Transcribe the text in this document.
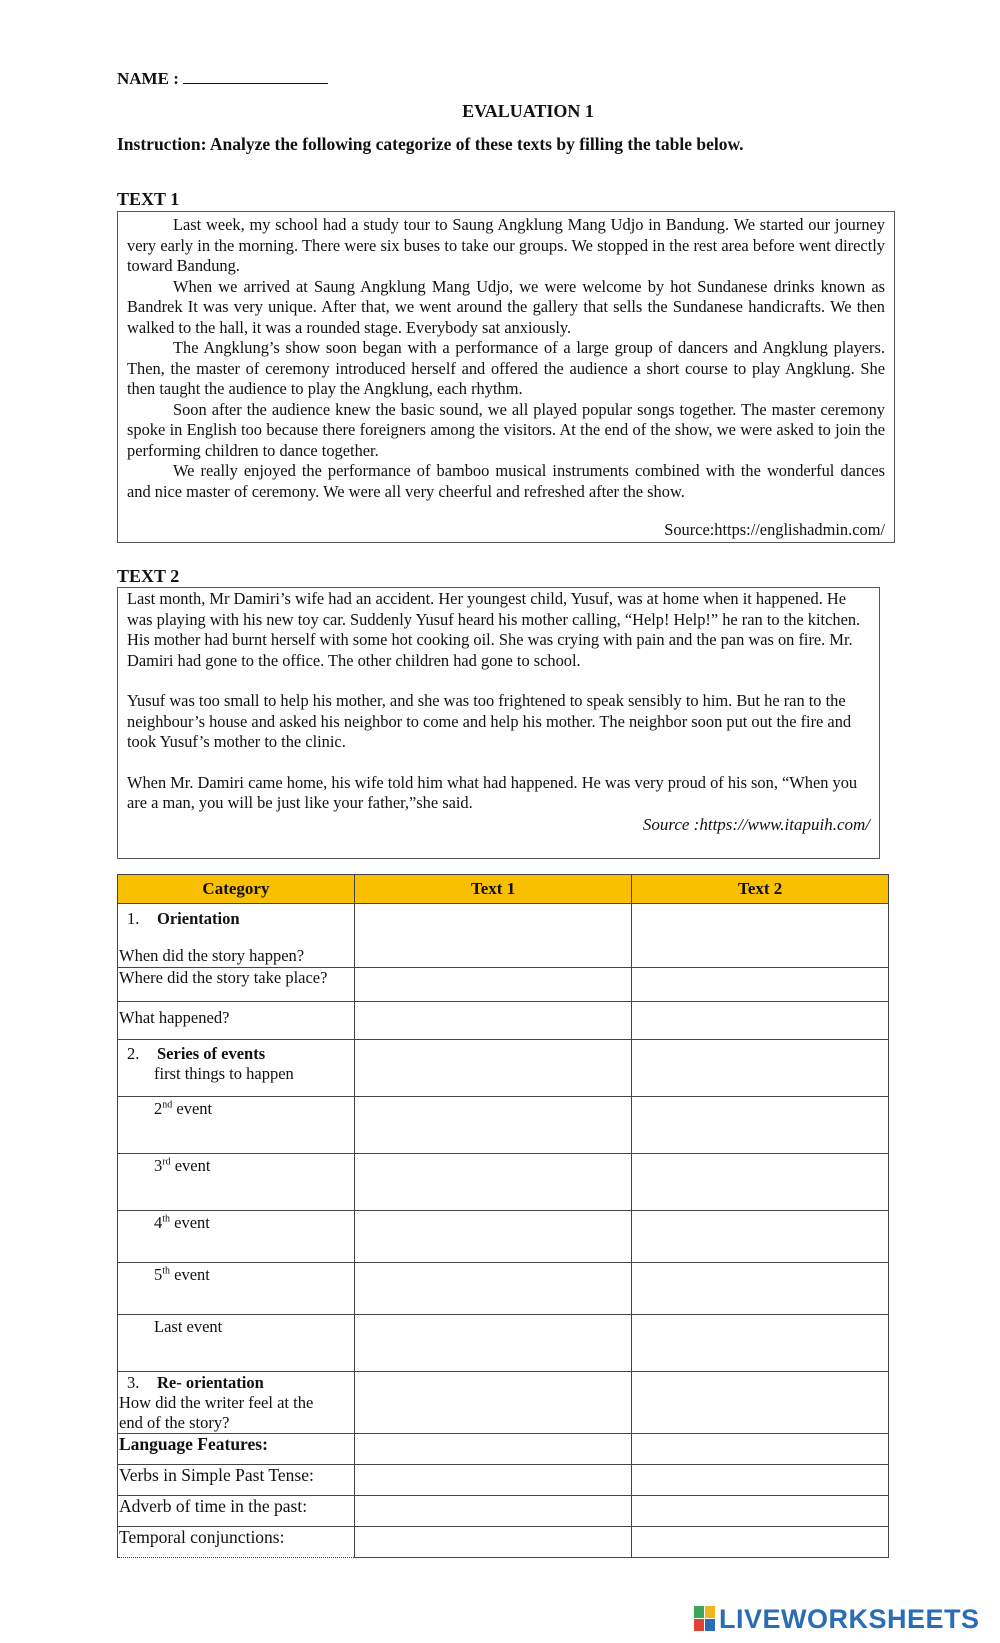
NAME :
EVALUATION 1
Instruction: Analyze the following categorize of these texts by filling the table below.
TEXT 1

Last week, my school had a study tour to Saung Angklung Mang Udjo in Bandung. We started our journey very early in the morning. There were six buses to take our groups. We stopped in the rest area before went directly toward Bandung.

When we arrived at Saung Angklung Mang Udjo, we were welcome by hot Sundanese drinks known as Bandrek It was very unique. After that, we went around the gallery that sells the Sundanese handicrafts. We then walked to the hall, it was a rounded stage. Everybody sat anxiously.

The Angklung’s show soon began with a performance of a large group of dancers and Angklung players. Then, the master of ceremony introduced herself and offered the audience a short course to play Angklung. She then taught the audience to play the Angklung, each rhythm.

Soon after the audience knew the basic sound, we all played popular songs together. The master ceremony spoke in English too because there foreigners among the visitors. At the end of the show, we were asked to join the performing children to dance together.

We really enjoyed the performance of bamboo musical instruments combined with the wonderful dances and nice master of ceremony. We were all very cheerful and refreshed after the show.

Source:https://englishadmin.com/
TEXT 2

Last month, Mr Damiri’s wife had an accident. Her youngest child, Yusuf, was at home when it happened. He was playing with his new toy car. Suddenly Yusuf heard his mother calling, “Help! Help!” he ran to the kitchen. His mother had burnt herself with some hot cooking oil. She was crying with pain and the pan was on fire. Mr. Damiri had gone to the office. The other children had gone to school.

Yusuf was too small to help his mother, and she was too frightened to speak sensibly to him. But he ran to the neighbour’s house and asked his neighbor to come and help his mother. The neighbor soon put out the fire and took Yusuf’s mother to the clinic.

When Mr. Damiri came home, his wife told him what had happened. He was very proud of his son, “When you are a man, you will be just like your father,”she said.

Source :https://www.itapuih.com/
Category	Text 1	Text 2

1. Orientation
When did the story happen?		

Where did the story take place?		
What happened?		

2. Series of events
first things to happen		

2nd event		

3rd event		

4th event		

5th event		

Last event		

3. Re- orientation
How did the writer feel at the end of the story?		

Language Features:		
Verbs in Simple Past Tense:		
Adverb of time in the past:		
Temporal conjunctions:		
LIVEWORKSHEETS
